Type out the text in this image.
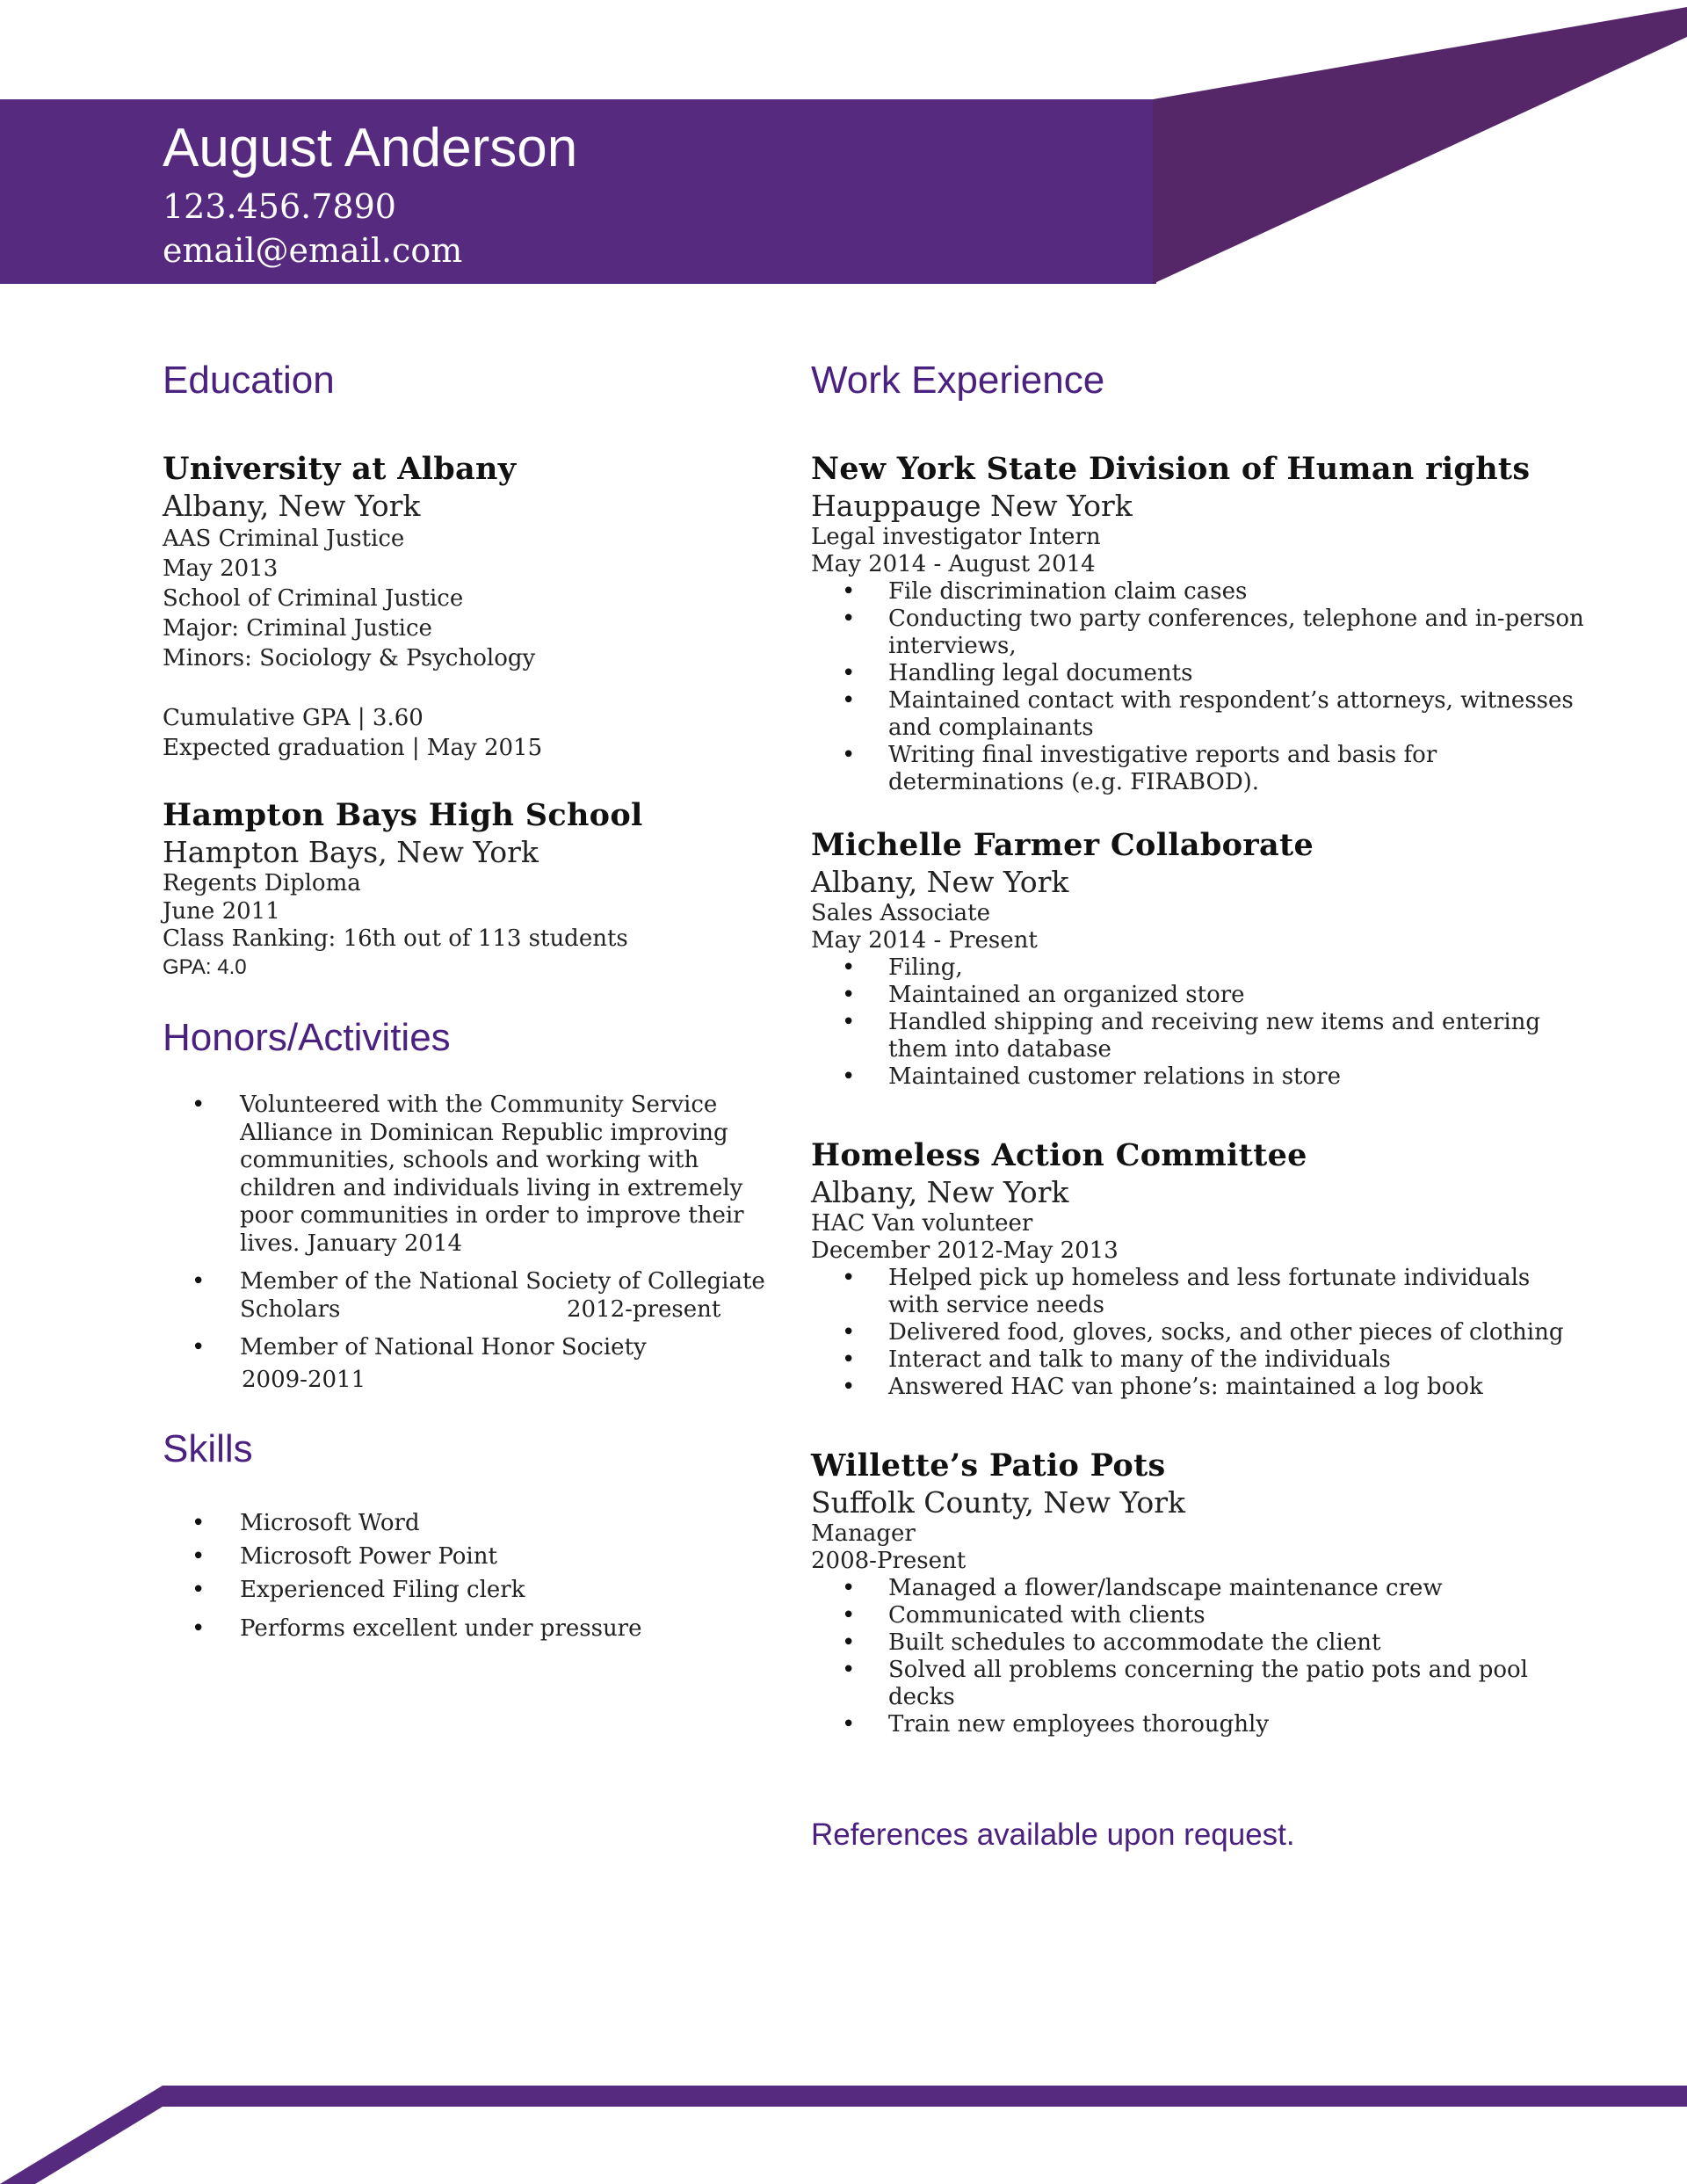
August Anderson
123.456.7890
email@email.com
Education
University at Albany
Albany, New York
AAS Criminal Justice
May 2013
School of Criminal Justice
Major: Criminal Justice
Minors: Sociology & Psychology
Cumulative GPA | 3.60
Expected graduation | May 2015
Hampton Bays High School
Hampton Bays, New York
Regents Diploma
June 2011
Class Ranking: 16th out of 113 students
GPA: 4.0
Honors/Activities
• Volunteered with the Community Service Alliance in Dominican Republic improving communities, schools and working with children and individuals living in extremely poor communities in order to improve their lives. January 2014
• Member of the National Society of Collegiate
Scholars	2012-present
• Member of National Honor Society
2009-2011
Skills
• Microsoft Word
• Microsoft Power Point
• Experienced Filing clerk
• Performs excellent under pressure
Work Experience
New York State Division of Human rights
Hauppauge New York
Legal investigator Intern
May 2014 - August 2014
• File discrimination claim cases
• Conducting two party conferences, telephone and in-person interviews,
• Handling legal documents
• Maintained contact with respondent’s attorneys, witnesses and complainants
• Writing final investigative reports and basis for determinations (e.g. FIRABOD).
Michelle Farmer Collaborate
Albany, New York
Sales Associate
May 2014 - Present
• Filing,
• Maintained an organized store
• Handled shipping and receiving new items and entering them into database
• Maintained customer relations in store
Homeless Action Committee
Albany, New York
HAC Van volunteer
December 2012-May 2013
• Helped pick up homeless and less fortunate individuals with service needs
• Delivered food, gloves, socks, and other pieces of clothing
• Interact and talk to many of the individuals
• Answered HAC van phone’s: maintained a log book
Willette’s Patio Pots
Suffolk County, New York
Manager
2008-Present
• Managed a flower/landscape maintenance crew
• Communicated with clients
• Built schedules to accommodate the client
• Solved all problems concerning the patio pots and pool decks
• Train new employees thoroughly
References available upon request.
